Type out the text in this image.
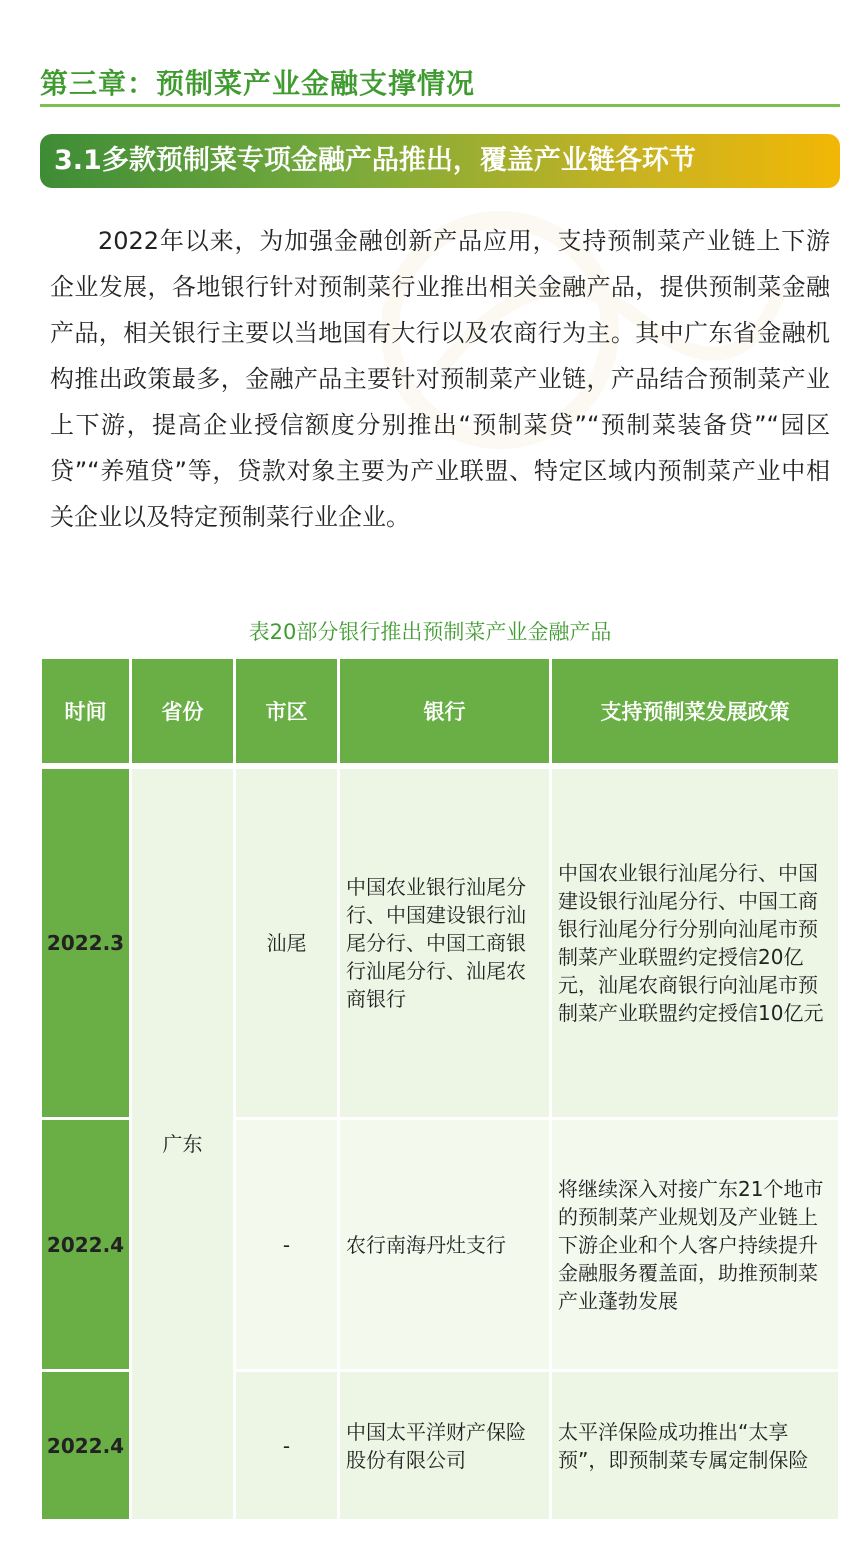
第三章：预制菜产业金融支撑情况
3.1多款预制菜专项金融产品推出，覆盖产业链各环节

2022年以来，为加强金融创新产品应用，支持预制菜产业链上下游企业发展，各地银行针对预制菜行业推出相关金融产品，提供预制菜金融产品，相关银行主要以当地国有大行以及农商行为主。其中广东省金融机构推出政策最多，金融产品主要针对预制菜产业链，产品结合预制菜产业上下游，提高企业授信额度分别推出“预制菜贷”“预制菜装备贷”“园区贷”“养殖贷”等，贷款对象主要为产业联盟、特定区域内预制菜产业中相关企业以及特定预制菜行业企业。

表20部分银行推出预制菜产业金融产品
时间	省份	市区	银行	支持预制菜发展政策

2022.3	广东	汕尾	中国农业银行汕尾分行、中国建设银行汕尾分行、中国工商银行汕尾分行、汕尾农商银行	中国农业银行汕尾分行、中国建设银行汕尾分行、中国工商银行汕尾分行分别向汕尾市预制菜产业联盟约定授信20亿元，汕尾农商银行向汕尾市预制菜产业联盟约定授信10亿元
2022.4		-	农行南海丹灶支行	将继续深入对接广东21个地市的预制菜产业规划及产业链上下游企业和个人客户持续提升金融服务覆盖面，助推预制菜产业蓬勃发展
2022.4		-	中国太平洋财产保险股份有限公司	太平洋保险成功推出“太享预”，即预制菜专属定制保险
